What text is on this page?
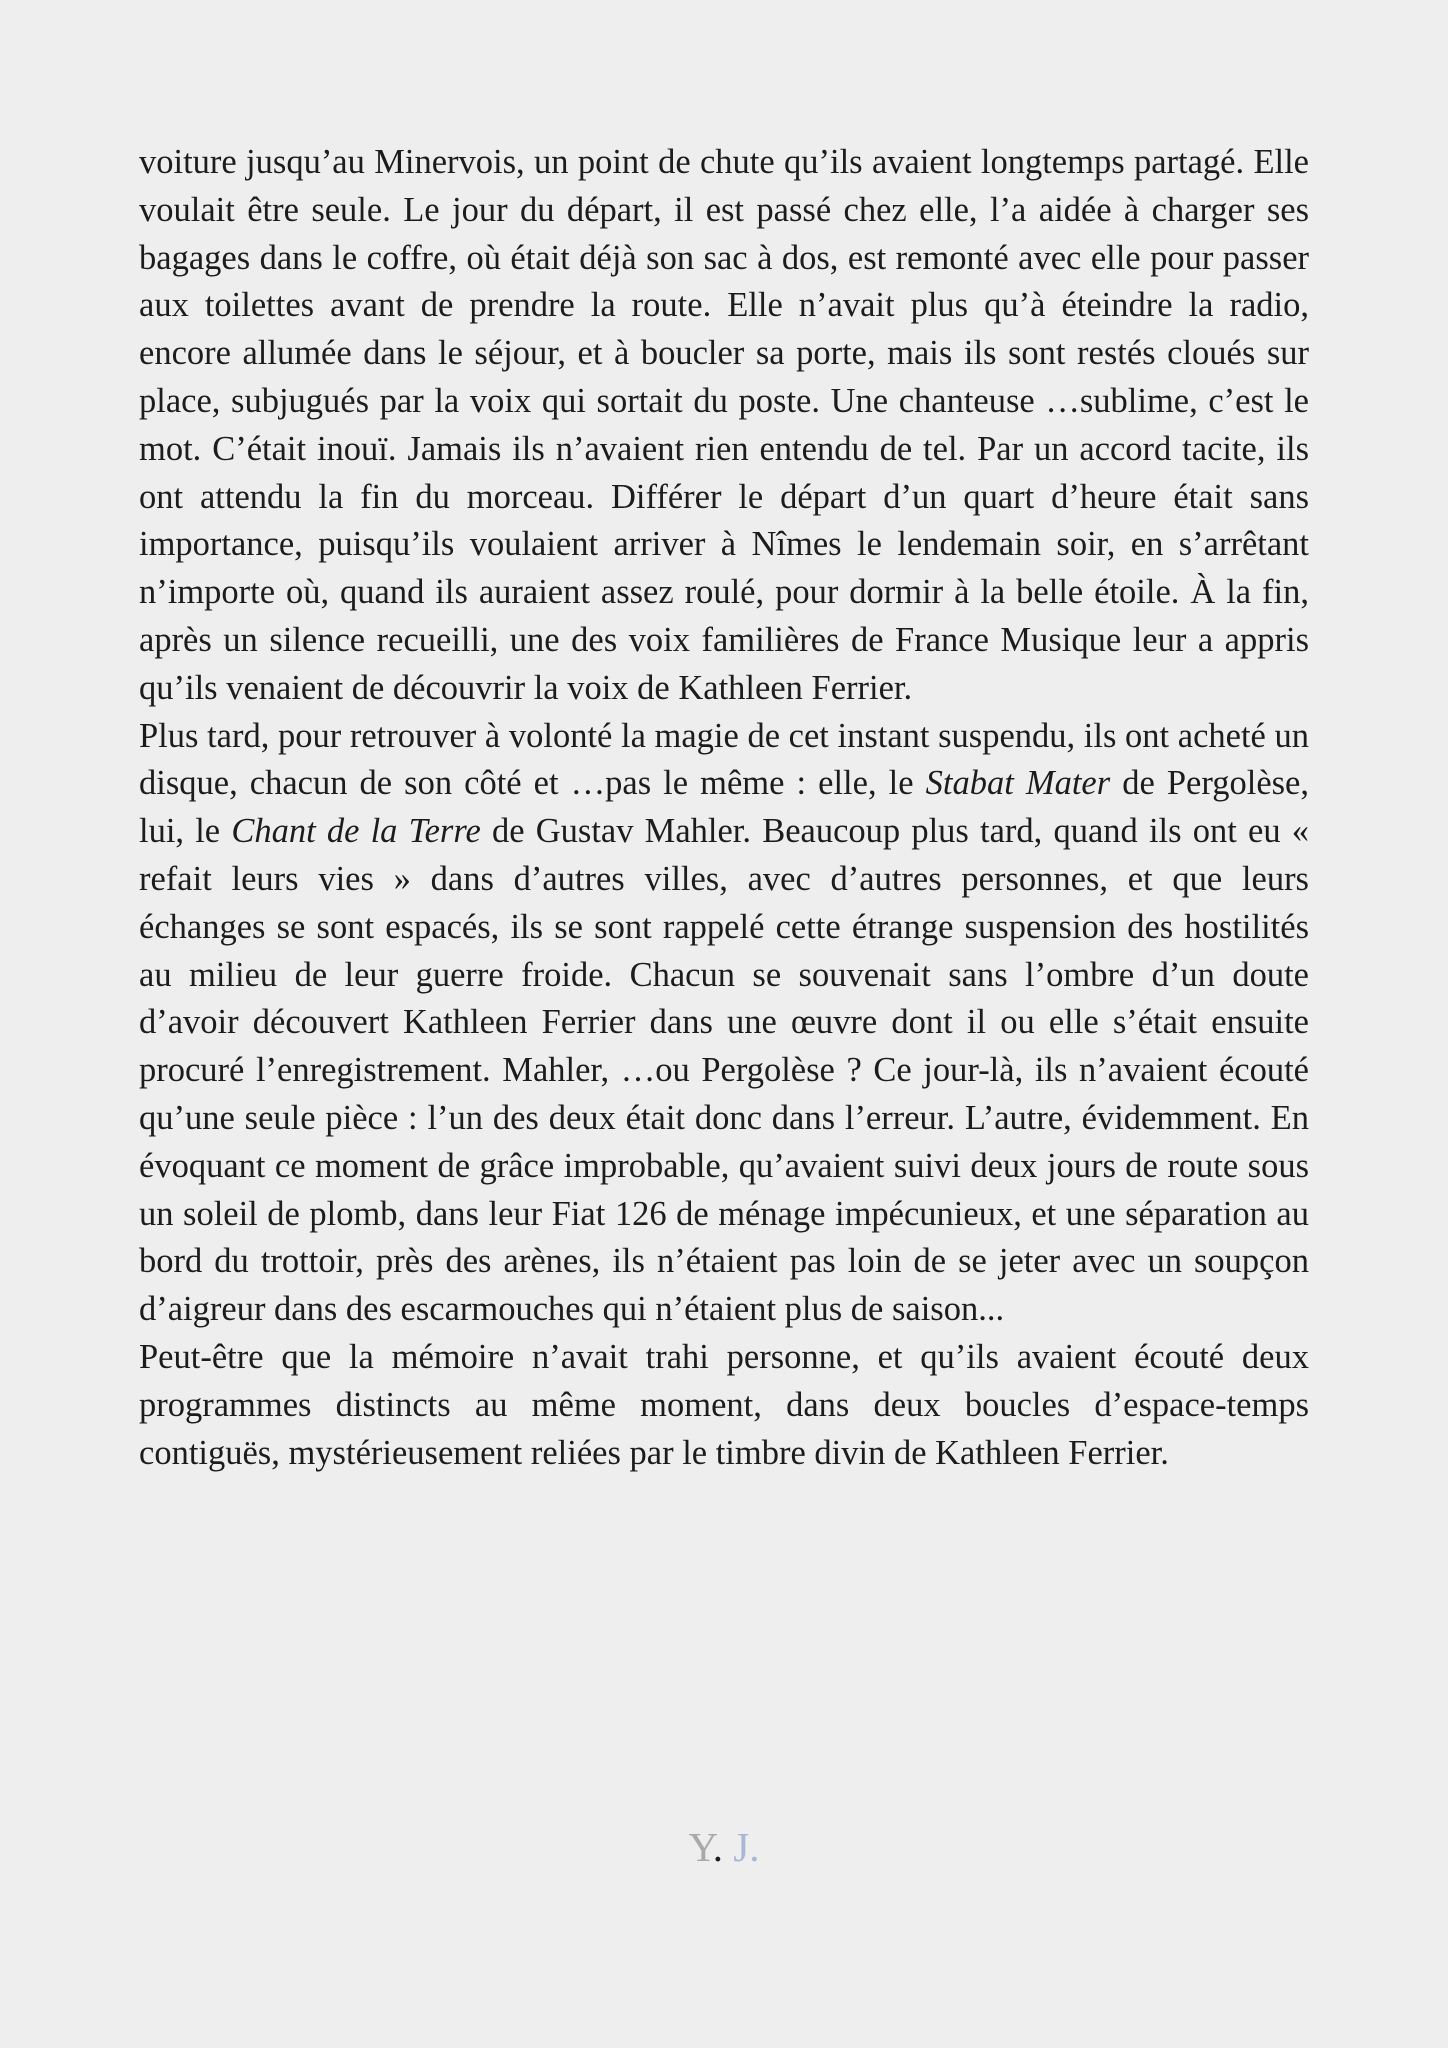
voiture jusqu’au Minervois, un point de chute qu’ils avaient longtemps partagé. Elle voulait être seule. Le jour du départ, il est passé chez elle, l’a aidée à charger ses bagages dans le coffre, où était déjà son sac à dos, est remonté avec elle pour passer aux toilettes avant de prendre la route. Elle n’avait plus qu’à éteindre la radio, encore allumée dans le séjour, et à boucler sa porte, mais ils sont restés cloués sur place, subjugués par la voix qui sortait du poste. Une chanteuse …sublime, c’est le mot. C’était inouï. Jamais ils n’avaient rien entendu de tel. Par un accord tacite, ils ont attendu la fin du morceau. Différer le départ d’un quart d’heure était sans importance, puisqu’ils voulaient arriver à Nîmes le lendemain soir, en s’arrêtant n’importe où, quand ils auraient assez roulé, pour dormir à la belle étoile. À la fin, après un silence recueilli, une des voix familières de France Musique leur a appris qu’ils venaient de découvrir la voix de Kathleen Ferrier.

Plus tard, pour retrouver à volonté la magie de cet instant suspendu, ils ont acheté un disque, chacun de son côté et …pas le même : elle, le Stabat Mater de Pergolèse, lui, le Chant de la Terre de Gustav Mahler. Beaucoup plus tard, quand ils ont eu « refait leurs vies » dans d’autres villes, avec d’autres personnes, et que leurs échanges se sont espacés, ils se sont rappelé cette étrange suspension des hostilités au milieu de leur guerre froide. Chacun se souvenait sans l’ombre d’un doute d’avoir découvert Kathleen Ferrier dans une œuvre dont il ou elle s’était ensuite procuré l’enregistrement. Mahler, …ou Pergolèse ? Ce jour-là, ils n’avaient écouté qu’une seule pièce : l’un des deux était donc dans l’erreur. L’autre, évidemment. En évoquant ce moment de grâce improbable, qu’avaient suivi deux jours de route sous un soleil de plomb, dans leur Fiat 126 de ménage impécunieux, et une séparation au bord du trottoir, près des arènes, ils n’étaient pas loin de se jeter avec un soupçon d’aigreur dans des escarmouches qui n’étaient plus de saison...

Peut-être que la mémoire n’avait trahi personne, et qu’ils avaient écouté deux programmes distincts au même moment, dans deux boucles d’espace-temps contiguës, mystérieusement reliées par le timbre divin de Kathleen Ferrier.

Y. J.
